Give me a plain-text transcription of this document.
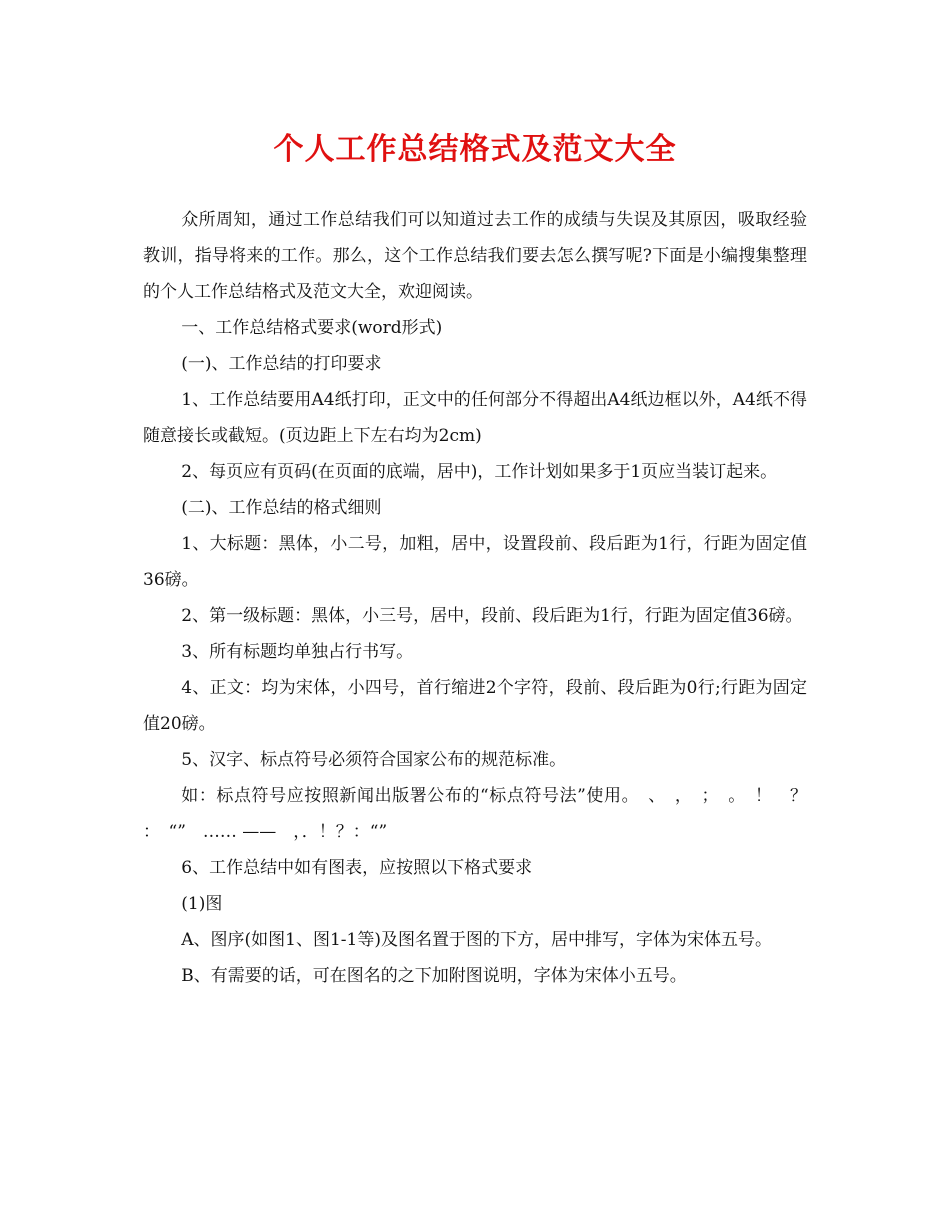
个人工作总结格式及范文大全

众所周知，通过工作总结我们可以知道过去工作的成绩与失误及其原因，吸取经验教训，指导将来的工作。那么，这个工作总结我们要去怎么撰写呢?下面是小编搜集整理的个人工作总结格式及范文大全，欢迎阅读。

一、工作总结格式要求(word形式)

(一)、工作总结的打印要求

1、工作总结要用A4纸打印，正文中的任何部分不得超出A4纸边框以外，A4纸不得随意接长或截短。(页边距上下左右均为2cm)

2、每页应有页码(在页面的底端，居中)，工作计划如果多于1页应当装订起来。

(二)、工作总结的格式细则

1、大标题：黑体，小二号，加粗，居中，设置段前、段后距为1行，行距为固定值36磅。

2、第一级标题：黑体，小三号，居中，段前、段后距为1行，行距为固定值36磅。

3、所有标题均单独占行书写。

4、正文：均为宋体，小四号，首行缩进2个字符，段前、段后距为0行;行距为固定值20磅。

5、汉字、标点符号必须符合国家公布的规范标准。

如：标点符号应按照新闻出版署公布的“标点符号法”使用。　、　，　；　。　！　？　：　“”　…… ——　，．！？：“”

6、工作总结中如有图表，应按照以下格式要求

(1)图

A、图序(如图1、图1-1等)及图名置于图的下方，居中排写，字体为宋体五号。

B、有需要的话，可在图名的之下加附图说明，字体为宋体小五号。
